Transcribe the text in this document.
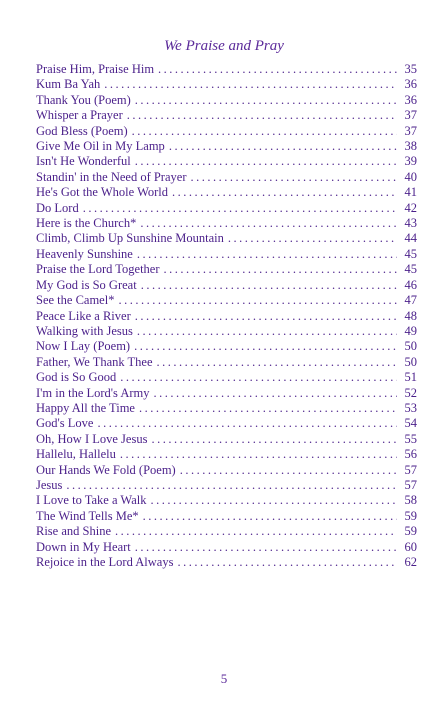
We Praise and Pray
Praise Him, Praise Him .....	35
Kum Ba Yah .....	36
Thank You (Poem) .....	36
Whisper a Prayer .....	37
God Bless (Poem) .....	37
Give Me Oil in My Lamp .....	38
Isn't He Wonderful .....	39
Standin' in the Need of Prayer .....	40
He's Got the Whole World .....	41
Do Lord .....	42
Here is the Church* .....	43
Climb, Climb Up Sunshine Mountain .....	44
Heavenly Sunshine .....	45
Praise the Lord Together .....	45
My God is So Great .....	46
See the Camel* .....	47
Peace Like a River .....	48
Walking with Jesus .....	49
Now I Lay (Poem) .....	50
Father, We Thank Thee .....	50
God is So Good .....	51
I'm in the Lord's Army .....	52
Happy All the Time .....	53
God's Love .....	54
Oh, How I Love Jesus .....	55
Hallelu, Hallelu .....	56
Our Hands We Fold (Poem) .....	57
Jesus .....	57
I Love to Take a Walk .....	58
The Wind Tells Me* .....	59
Rise and Shine .....	59
Down in My Heart .....	60
Rejoice in the Lord Always .....	62
5
